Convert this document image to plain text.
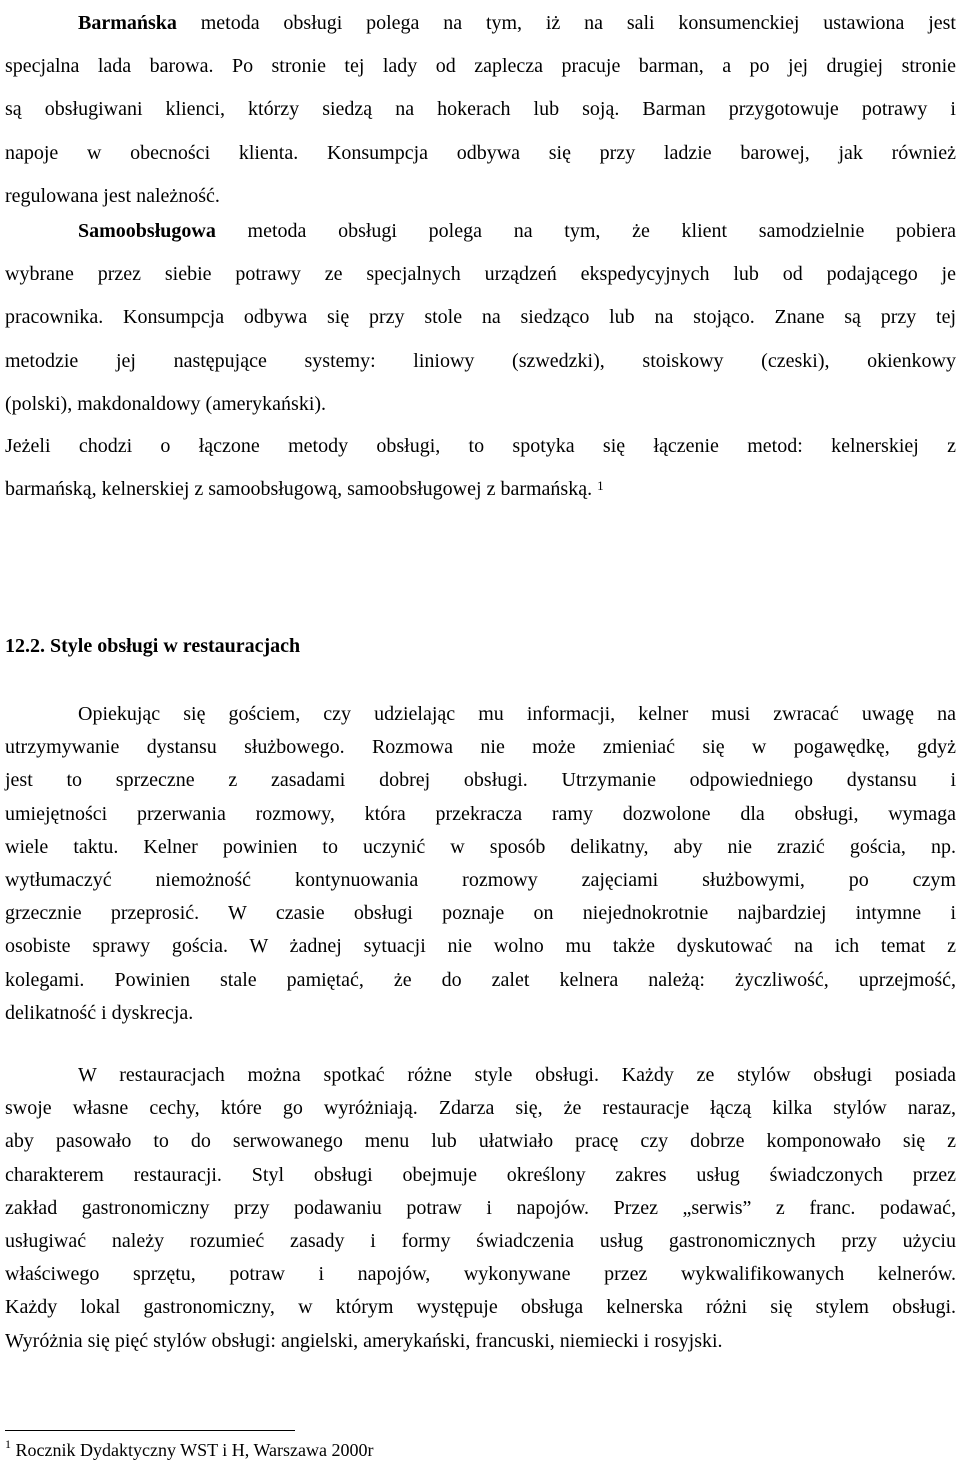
Barmańska metoda obsługi polega na tym, iż na sali konsumenckiej ustawiona jest
specjalna lada barowa. Po stronie tej lady od zaplecza pracuje barman, a po jej drugiej stronie
są obsługiwani klienci, którzy siedzą na hokerach lub soją. Barman przygotowuje potrawy i
napoje w obecności klienta. Konsumpcja odbywa się przy ladzie barowej, jak również
regulowana jest należność.

Samoobsługowa metoda obsługi polega na tym, że klient samodzielnie pobiera
wybrane przez siebie potrawy ze specjalnych urządzeń ekspedycyjnych lub od podającego je
pracownika. Konsumpcja odbywa się przy stole na siedząco lub na stojąco. Znane są przy tej
metodzie jej następujące systemy: liniowy (szwedzki), stoiskowy (czeski), okienkowy
(polski), makdonaldowy (amerykański).

Jeżeli chodzi o łączone metody obsługi, to spotyka się łączenie metod: kelnerskiej z
barmańską, kelnerskiej z samoobsługową, samoobsługowej z barmańską. $^1$

12.2. Style obsługi w restauracjach

Opiekując się gościem, czy udzielając mu informacji, kelner musi zwracać uwagę na
utrzymywanie dystansu służbowego. Rozmowa nie może zmieniać się w pogawędkę, gdyż
jest to sprzeczne z zasadami dobrej obsługi. Utrzymanie odpowiedniego dystansu i
umiejętności przerwania rozmowy, która przekracza ramy dozwolone dla obsługi, wymaga
wiele taktu. Kelner powinien to uczynić w sposób delikatny, aby nie zrazić gościa, np.
wytłumaczyć niemożność kontynuowania rozmowy zajęciami służbowymi, po czym
grzecznie przeprosić. W czasie obsługi poznaje on niejednokrotnie najbardziej intymne i
osobiste sprawy gościa. W żadnej sytuacji nie wolno mu także dyskutować na ich temat z
kolegami. Powinien stale pamiętać, że do zalet kelnera należą: życzliwość, uprzejmość,
delikatność i dyskrecja.

W restauracjach można spotkać różne style obsługi. Każdy ze stylów obsługi posiada
swoje własne cechy, które go wyróżniają. Zdarza się, że restauracje łączą kilka stylów naraz,
aby pasowało to do serwowanego menu lub ułatwiało pracę czy dobrze komponowało się z
charakterem restauracji. Styl obsługi obejmuje określony zakres usług świadczonych przez
zakład gastronomiczny przy podawaniu potraw i napojów. Przez „serwis” z franc. podawać,
usługiwać należy rozumieć zasady i formy świadczenia usług gastronomicznych przy użyciu
właściwego sprzętu, potraw i napojów, wykonywane przez wykwalifikowanych kelnerów.
Każdy lokal gastronomiczny, w którym występuje obsługa kelnerska różni się stylem obsługi.
Wyróżnia się pięć stylów obsługi: angielski, amerykański, francuski, niemiecki i rosyjski.

$^1$ Rocznik Dydaktyczny WST i H, Warszawa 2000r
